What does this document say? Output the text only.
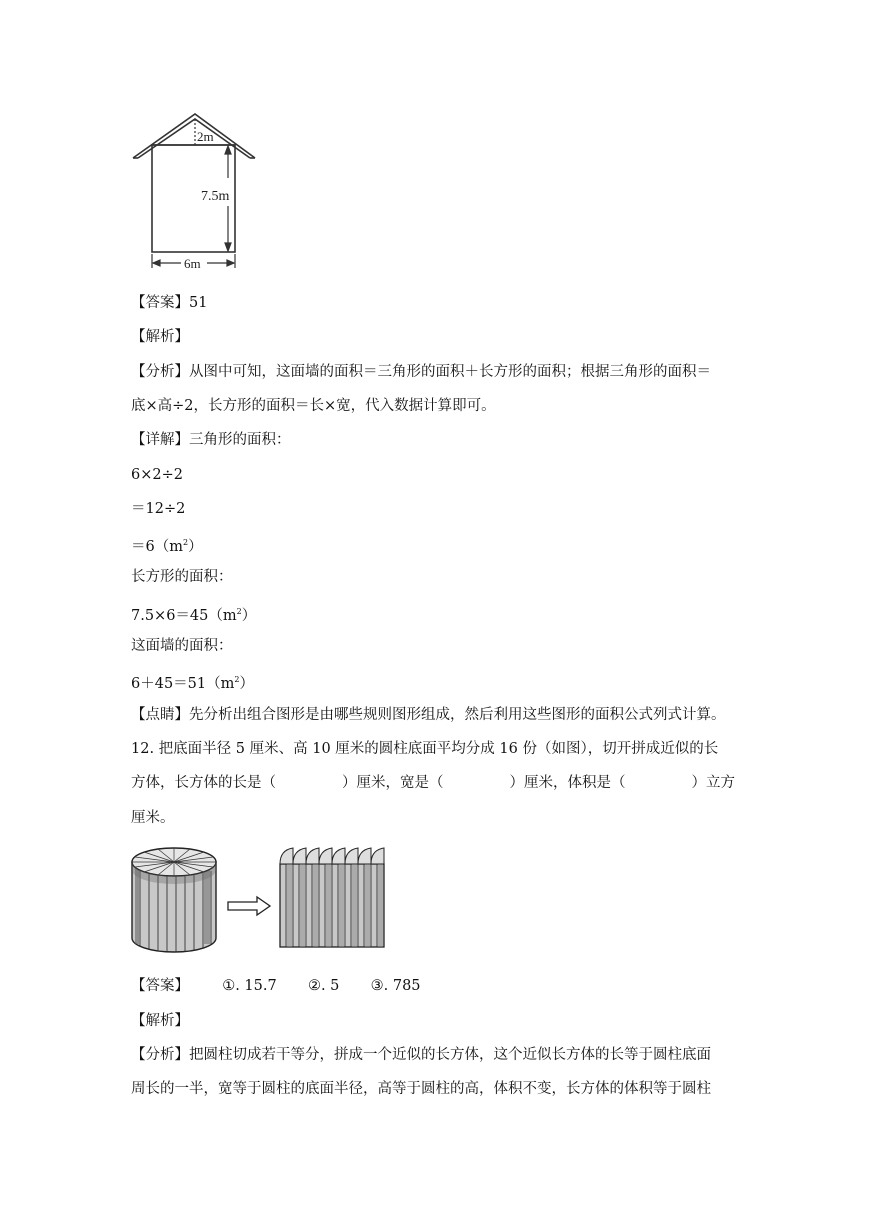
2m
7.5m
6m
【答案】51
【解析】
【分析】从图中可知，这面墙的面积＝三角形的面积＋长方形的面积；根据三角形的面积＝
底×高÷2，长方形的面积＝长×宽，代入数据计算即可。
【详解】三角形的面积：
6×2÷2
＝12÷2
$=6(m^2)$
长方形的面积：
$7.5\times 6=45(m^2)$
这面墙的面积：
$6+45=51(m^2)$
【点睛】先分析出组合图形是由哪些规则图形组成，然后利用这些图形的面积公式列式计算。
12. 把底面半径 5 厘米、高 10 厘米的圆柱底面平均分成 16 份（如图），切开拼成近似的长
方体，长方体的长是（	）厘米，宽是（	）厘米，体积是（	）立方
厘米。
【答案】 ①. 15.7 ②. 5 ③. 785
【解析】
【分析】把圆柱切成若干等分，拼成一个近似的长方体，这个近似长方体的长等于圆柱底面
周长的一半，宽等于圆柱的底面半径，高等于圆柱的高，体积不变，长方体的体积等于圆柱
